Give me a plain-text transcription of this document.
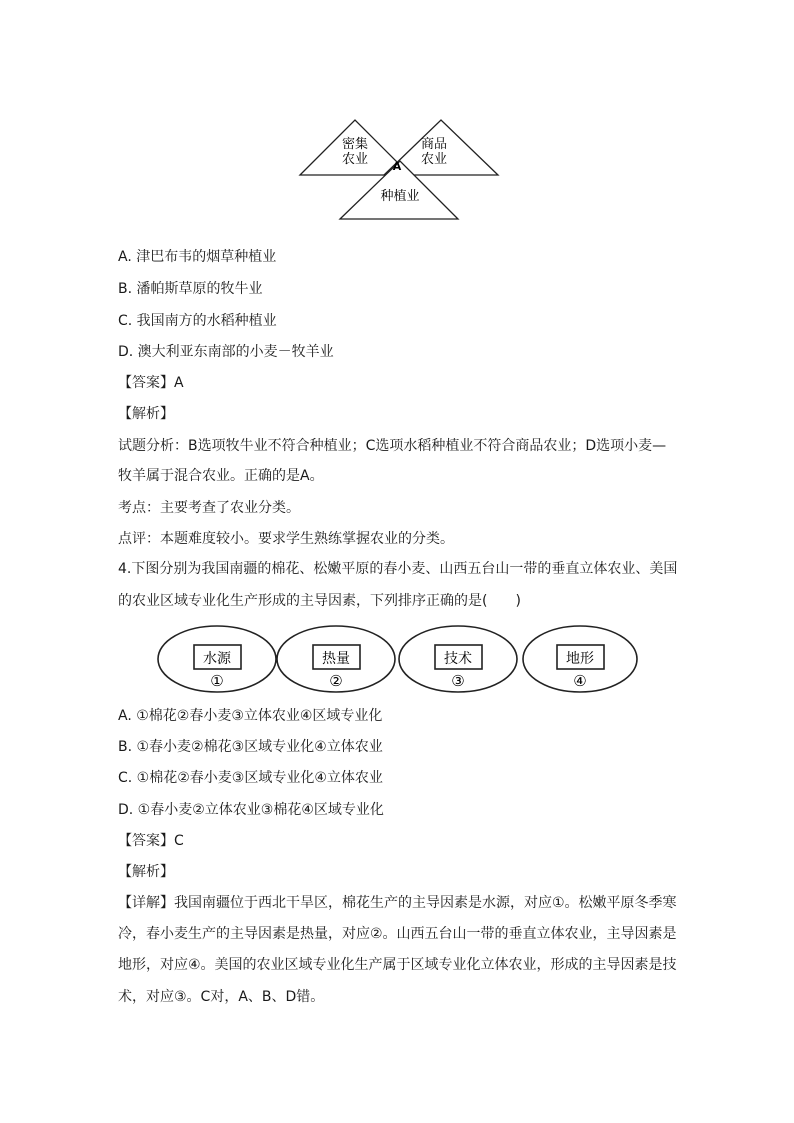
密集
农业
商品
农业
A
种植业
A. 津巴布韦的烟草种植业
B. 潘帕斯草原的牧牛业
C. 我国南方的水稻种植业
D. 澳大利亚东南部的小麦－牧羊业
【答案】A
【解析】
试题分析：B选项牧牛业不符合种植业；C选项水稻种植业不符合商品农业；D选项小麦—
牧羊属于混合农业。正确的是A。
考点：主要考查了农业分类。
点评：本题难度较小。要求学生熟练掌握农业的分类。
4.下图分别为我国南疆的棉花、松嫩平原的春小麦、山西五台山一带的垂直立体农业、美国
的农业区域专业化生产形成的主导因素，下列排序正确的是(　　)
水源
①
热量
②
技术
③
地形
④
A. ①棉花②春小麦③立体农业④区域专业化
B. ①春小麦②棉花③区域专业化④立体农业
C. ①棉花②春小麦③区域专业化④立体农业
D. ①春小麦②立体农业③棉花④区域专业化
【答案】C
【解析】
【详解】我国南疆位于西北干旱区，棉花生产的主导因素是水源，对应①。松嫩平原冬季寒
冷，春小麦生产的主导因素是热量，对应②。山西五台山一带的垂直立体农业，主导因素是
地形，对应④。美国的农业区域专业化生产属于区域专业化立体农业，形成的主导因素是技
术，对应③。C对，A、B、D错。
